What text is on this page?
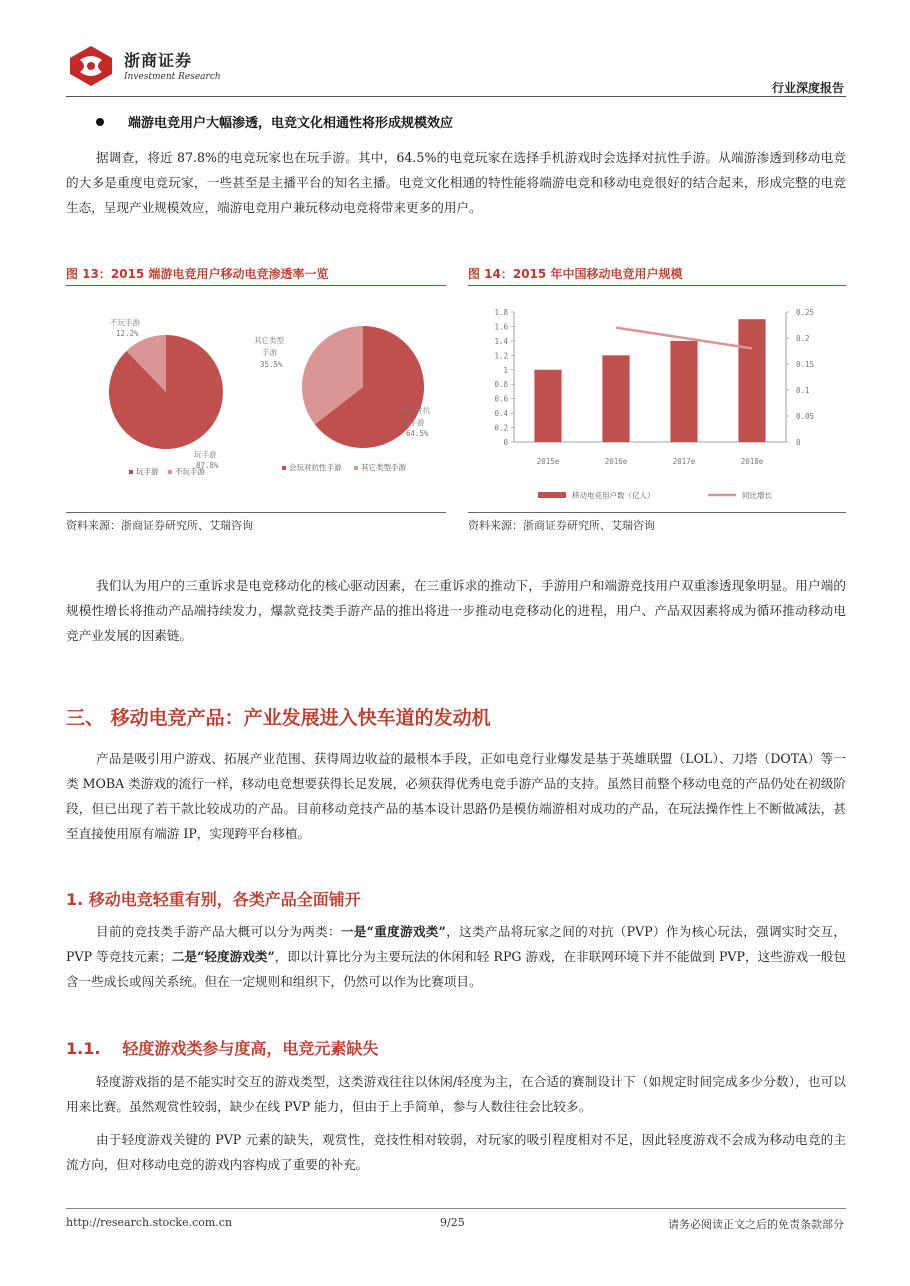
浙商证券
Investment Research
行业深度报告
端游电竞用户大幅渗透，电竞文化相通性将形成规模效应
据调查，将近 87.8%的电竞玩家也在玩手游。其中，64.5%的电竞玩家在选择手机游戏时会选择对抗性手游。从端游渗透到移动电竞的大多是重度电竞玩家，一些甚至是主播平台的知名主播。电竞文化相通的特性能将端游电竞和移动电竞很好的结合起来，形成完整的电竞生态，呈现产业规模效应，端游电竞用户兼玩移动电竞将带来更多的用户。
图 13：2015 端游电竞用户移动电竞渗透率一览
不玩手游
12.2%
玩手游
87.8%
玩手游 不玩手游
其它类型
手游
35.5%
会玩对抗
性手游
64.5%
会玩对抗性手游	其它类型手游
资料来源：浙商证券研究所、艾瑞咨询
图 14：2015 年中国移动电竞用户规模
0
0.2
0.4
0.6
0.8
1
1.2
1.4
1.6
1.8
0
0.05
0.1
0.15
0.2
0.25
2015e	2016e	2017e	2018e
移动电竞用户数（亿人）	同比增长
资料来源：浙商证券研究所、艾瑞咨询
我们认为用户的三重诉求是电竞移动化的核心驱动因素，在三重诉求的推动下，手游用户和端游竞技用户双重渗透现象明显。用户端的规模性增长将推动产品端持续发力，爆款竞技类手游产品的推出将进一步推动电竞移动化的进程，用户、产品双因素将成为循环推动移动电竞产业发展的因素链。
三、 移动电竞产品：产业发展进入快车道的发动机
产品是吸引用户游戏、拓展产业范围、获得周边收益的最根本手段，正如电竞行业爆发是基于英雄联盟（LOL）、刀塔（DOTA）等一类 MOBA 类游戏的流行一样，移动电竞想要获得长足发展，必须获得优秀电竞手游产品的支持。虽然目前整个移动电竞的产品仍处在初级阶段，但已出现了若干款比较成功的产品。目前移动竞技产品的基本设计思路仍是模仿端游相对成功的产品，在玩法操作性上不断做减法，甚至直接使用原有端游 IP，实现跨平台移植。
1. 移动电竞轻重有别，各类产品全面铺开
目前的竞技类手游产品大概可以分为两类：一是“重度游戏类”，这类产品将玩家之间的对抗（PVP）作为核心玩法，强调实时交互，PVP 等竞技元素；二是“轻度游戏类”，即以计算比分为主要玩法的休闲和轻 RPG 游戏，在非联网环境下并不能做到 PVP，这些游戏一般包含一些成长或闯关系统。但在一定规则和组织下，仍然可以作为比赛项目。
1.1. 轻度游戏类参与度高，电竞元素缺失
轻度游戏指的是不能实时交互的游戏类型，这类游戏往往以休闲/轻度为主，在合适的赛制设计下（如规定时间完成多少分数），也可以用来比赛。虽然观赏性较弱，缺少在线 PVP 能力，但由于上手简单，参与人数往往会比较多。
由于轻度游戏关键的 PVP 元素的缺失，观赏性，竞技性相对较弱，对玩家的吸引程度相对不足，因此轻度游戏不会成为移动电竞的主流方向，但对移动电竞的游戏内容构成了重要的补充。
http://research.stocke.com.cn	9/25	请务必阅读正文之后的免责条款部分
